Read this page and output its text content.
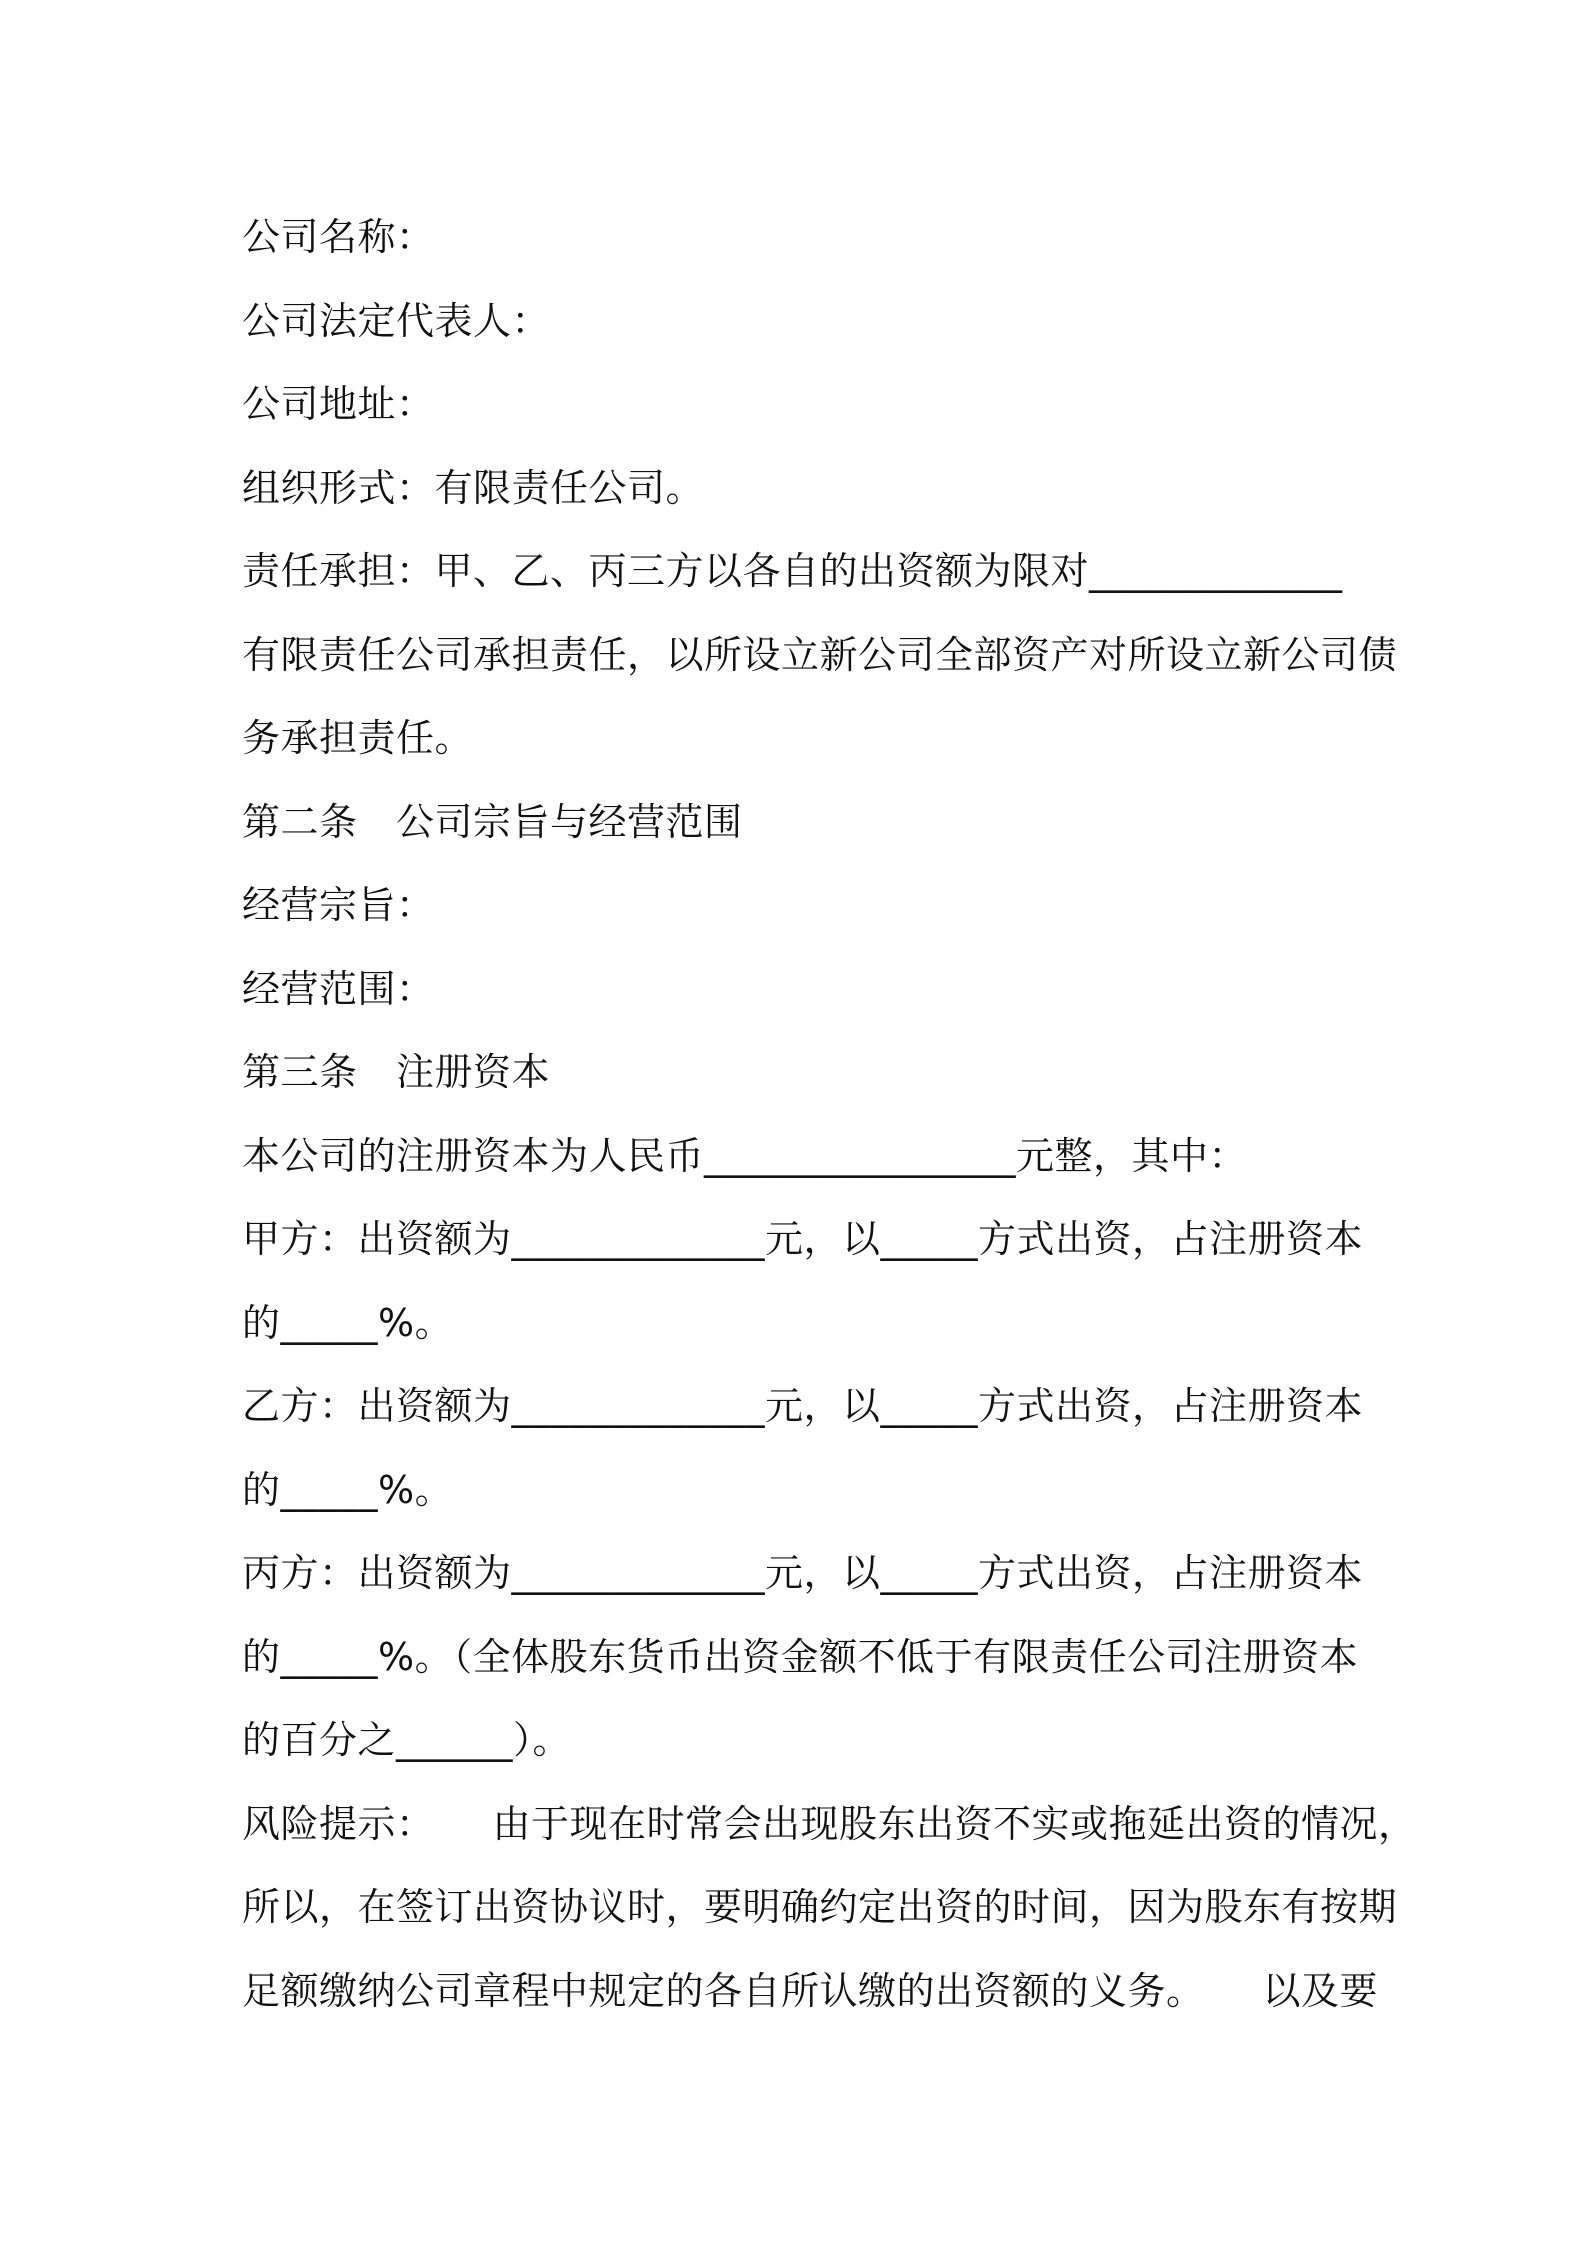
公司名称：
公司法定代表人：
公司地址：
组织形式：有限责任公司。
责任承担：甲、乙、丙三方以各自的出资额为限对_____________
有限责任公司承担责任，以所设立新公司全部资产对所设立新公司债
务承担责任。
第二条　公司宗旨与经营范围
经营宗旨：
经营范围：
第三条　注册资本
本公司的注册资本为人民币________________元整，其中：
甲方：出资额为_____________元，以_____方式出资，占注册资本
的_____%。
乙方：出资额为_____________元，以_____方式出资，占注册资本
的_____%。
丙方：出资额为_____________元，以_____方式出资，占注册资本
的_____%。（全体股东货币出资金额不低于有限责任公司注册资本
的百分之______）。
风险提示：　　由于现在时常会出现股东出资不实或拖延出资的情况，
所以，在签订出资协议时，要明确约定出资的时间，因为股东有按期
足额缴纳公司章程中规定的各自所认缴的出资额的义务。　　以及要
